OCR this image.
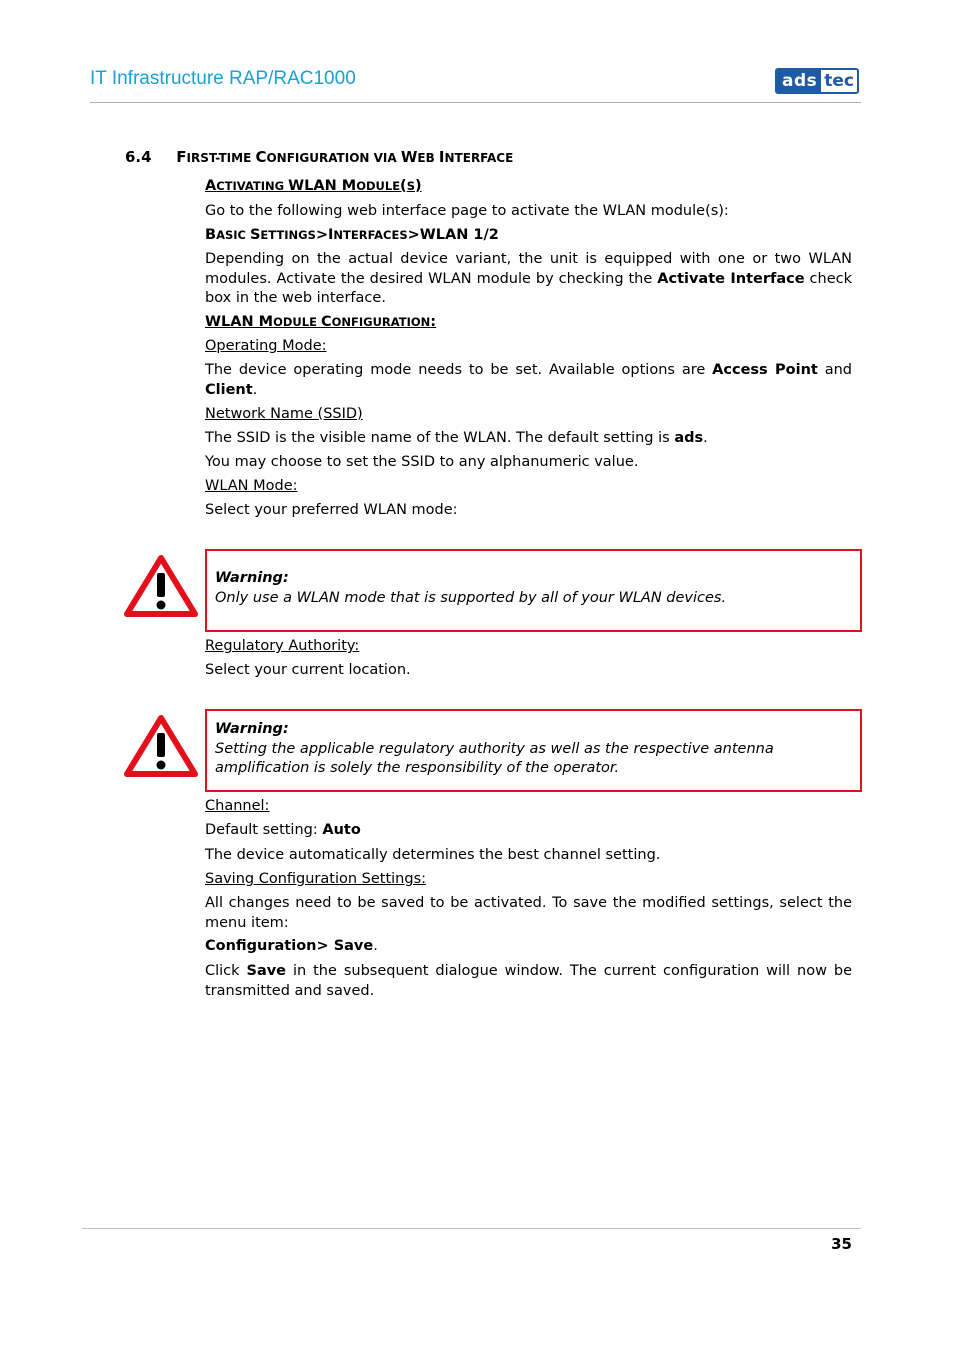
IT Infrastructure RAP/RAC1000	ads tec
6.4 FIRST-TIME CONFIGURATION VIA WEB INTERFACE
ACTIVATING WLAN MODULE(S)
Go to the following web interface page to activate the WLAN module(s):
BASIC SETTINGS>INTERFACES>WLAN 1/2
Depending on the actual device variant, the unit is equipped with one or two WLAN modules. Activate the desired WLAN module by checking the Activate Interface check box in the web interface.
WLAN MODULE CONFIGURATION:
Operating Mode:
The device operating mode needs to be set. Available options are Access Point and Client.
Network Name (SSID)
The SSID is the visible name of the WLAN. The default setting is ads.
You may choose to set the SSID to any alphanumeric value.
WLAN Mode:
Select your preferred WLAN mode:
Warning:
Only use a WLAN mode that is supported by all of your WLAN devices.
Regulatory Authority:
Select your current location.
Warning:
Setting the applicable regulatory authority as well as the respective antenna amplification is solely the responsibility of the operator.
Channel:
Default setting: Auto
The device automatically determines the best channel setting.
Saving Configuration Settings:
All changes need to be saved to be activated. To save the modified settings, select the menu item:
Configuration> Save.
Click Save in the subsequent dialogue window. The current configuration will now be transmitted and saved.
35
